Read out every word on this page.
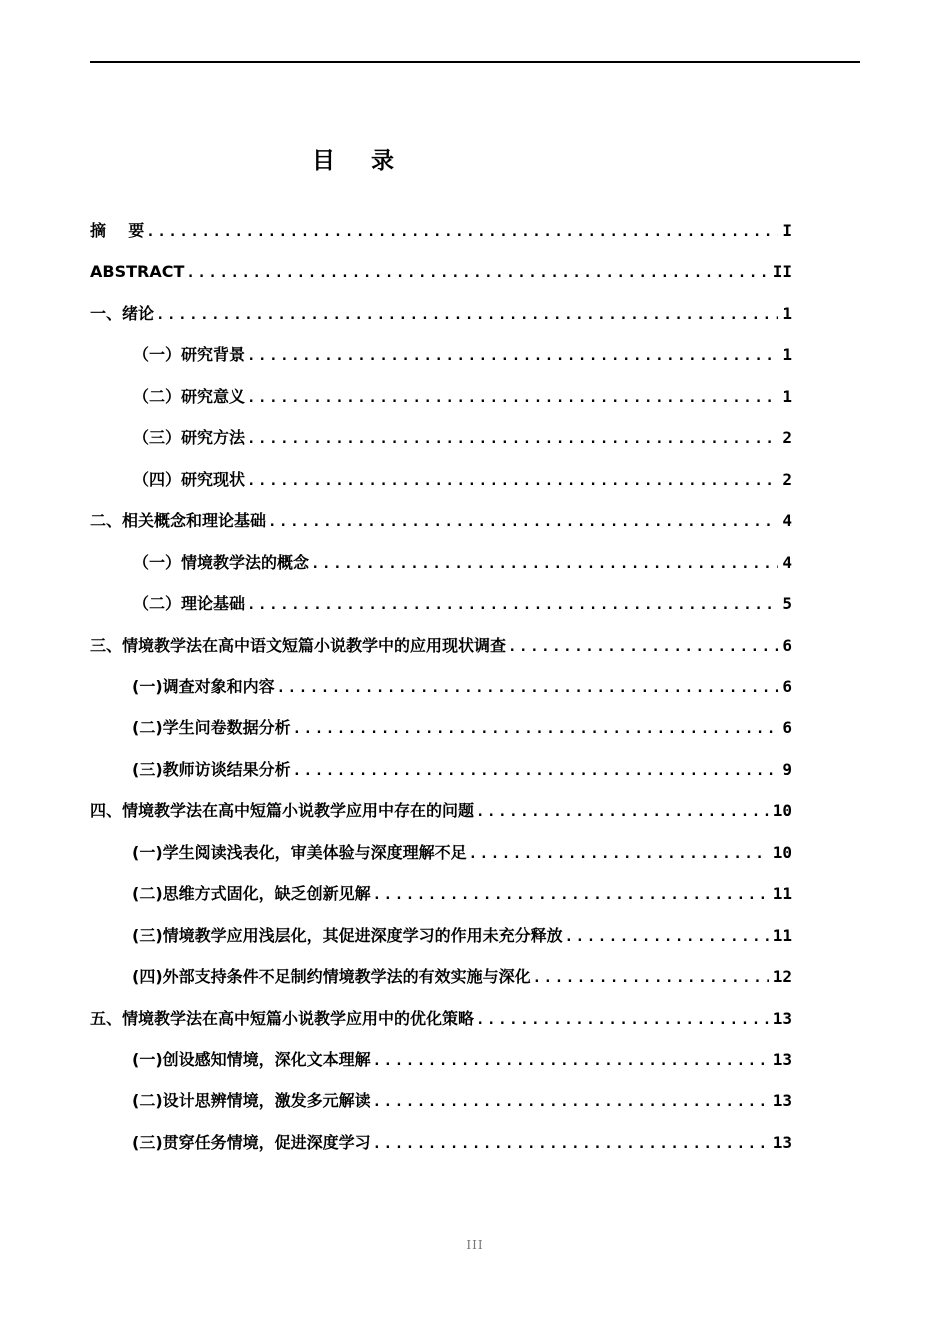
目 录
摘    要 .....	I
ABSTRACT .....	II
一、绪论 .....	1
（一）研究背景 .....	1
（二）研究意义 .....	1
（三）研究方法 .....	2
（四）研究现状 .....	2
二、相关概念和理论基础 .....	4
（一）情境教学法的概念 .....	4
（二）理论基础 .....	5
三、情境教学法在高中语文短篇小说教学中的应用现状调查 .....	6
(一)调查对象和内容 .....	6
(二)学生问卷数据分析 .....	6
(三)教师访谈结果分析 .....	9
四、情境教学法在高中短篇小说教学应用中存在的问题 .....	10
(一)学生阅读浅表化，审美体验与深度理解不足 .....	10
(二)思维方式固化，缺乏创新见解 .....	11
(三)情境教学应用浅层化，其促进深度学习的作用未充分释放 .....	11
(四)外部支持条件不足制约情境教学法的有效实施与深化 .....	12
五、情境教学法在高中短篇小说教学应用中的优化策略 .....	13
(一)创设感知情境，深化文本理解 .....	13
(二)设计思辨情境，激发多元解读 .....	13
(三)贯穿任务情境，促进深度学习 .....	13
III
